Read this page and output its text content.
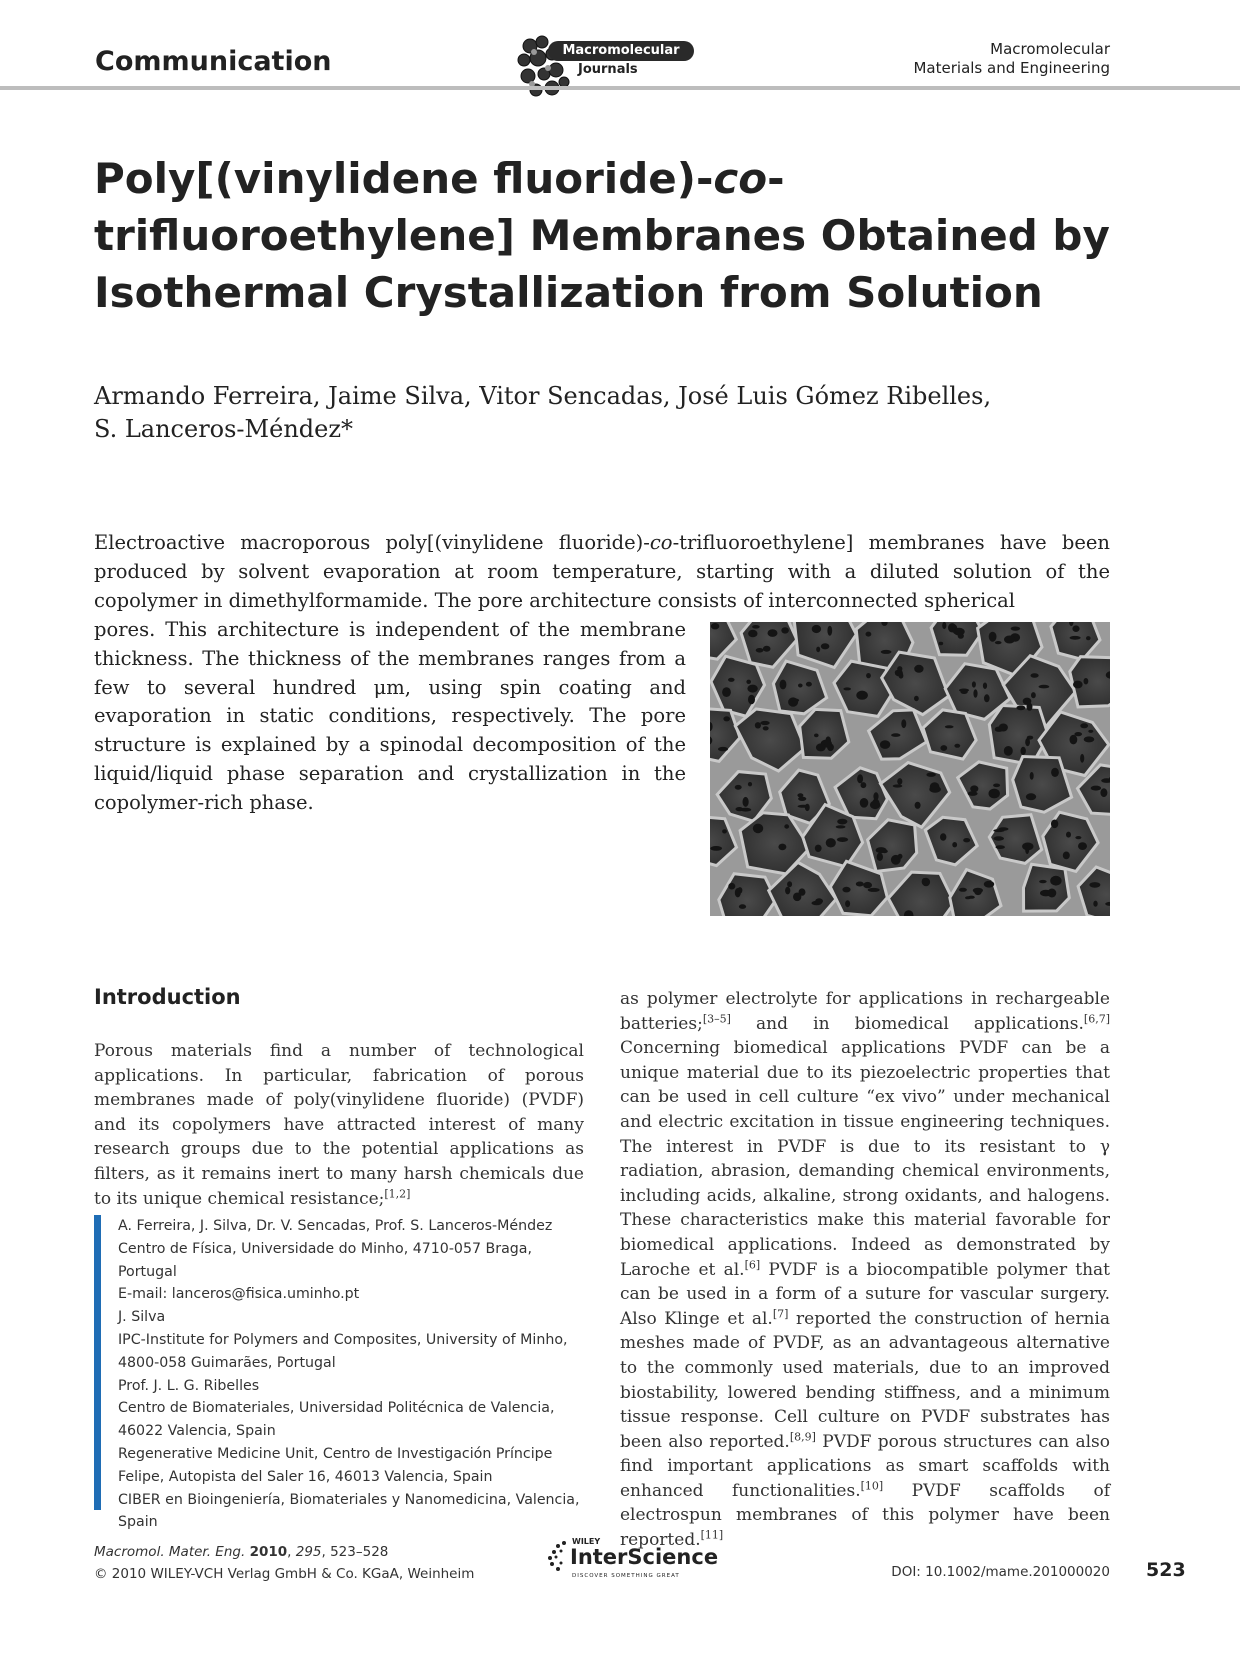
Communication	Macromolecular
Journals
Macromolecular
Materials and Engineering
Poly[(vinylidene fluoride)-co-trifluoroethylene] Membranes Obtained by Isothermal Crystallization from Solution
Armando Ferreira, Jaime Silva, Vitor Sencadas, José Luis Gómez Ribelles,
S. Lanceros-Méndez*

Electroactive macroporous poly[(vinylidene fluoride)-co-trifluoroethylene] membranes have been produced by solvent evaporation at room temperature, starting with a diluted solution of the copolymer in dimethylformamide. The pore architecture consists of interconnected spherical

pores. This architecture is independent of the membrane thickness. The thickness of the membranes ranges from a few to several hundred μm, using spin coating and evaporation in static conditions, respectively. The pore structure is explained by a spinodal decomposition of the liquid/liquid phase separation and crystallization in the copolymer-rich phase.
Introduction
Porous materials find a number of technological applications. In particular, fabrication of porous membranes made of poly(vinylidene fluoride) (PVDF) and its copolymers have attracted interest of many research groups due to the potential applications as filters, as it remains inert to many harsh chemicals due to its unique chemical resistance;[1,2]
A. Ferreira, J. Silva, Dr. V. Sencadas, Prof. S. Lanceros-Méndez
Centro de Física, Universidade do Minho, 4710-057 Braga, Portugal
E-mail: lanceros@fisica.uminho.pt
J. Silva
IPC-Institute for Polymers and Composites, University of Minho, 4800-058 Guimarães, Portugal
Prof. J. L. G. Ribelles
Centro de Biomateriales, Universidad Politécnica de Valencia, 46022 Valencia, Spain
Regenerative Medicine Unit, Centro de Investigación Príncipe Felipe, Autopista del Saler 16, 46013 Valencia, Spain
CIBER en Bioingeniería, Biomateriales y Nanomedicina, Valencia, Spain
as polymer electrolyte for applications in rechargeable batteries;[3–5] and in biomedical applications.[6,7] Concerning biomedical applications PVDF can be a unique material due to its piezoelectric properties that can be used in cell culture “ex vivo” under mechanical and electric excitation in tissue engineering techniques. The interest in PVDF is due to its resistant to γ radiation, abrasion, demanding chemical environments, including acids, alkaline, strong oxidants, and halogens. These characteristics make this material favorable for biomedical applications. Indeed as demonstrated by Laroche et al.[6] PVDF is a biocompatible polymer that can be used in a form of a suture for vascular surgery. Also Klinge et al.[7] reported the construction of hernia meshes made of PVDF, as an advantageous alternative to the commonly used materials, due to an improved biostability, lowered bending stiffness, and a minimum tissue response. Cell culture on PVDF substrates has been also reported.[8,9] PVDF porous structures can also find important applications as smart scaffolds with enhanced functionalities.[10] PVDF scaffolds of electrospun membranes of this polymer have been reported.[11]
Macromol. Mater. Eng. 2010, 295, 523–528
© 2010 WILEY-VCH Verlag GmbH & Co. KGaA, Weinheim
WILEY
InterScience
DISCOVER SOMETHING GREAT	DOI: 10.1002/mame.201000020 523
